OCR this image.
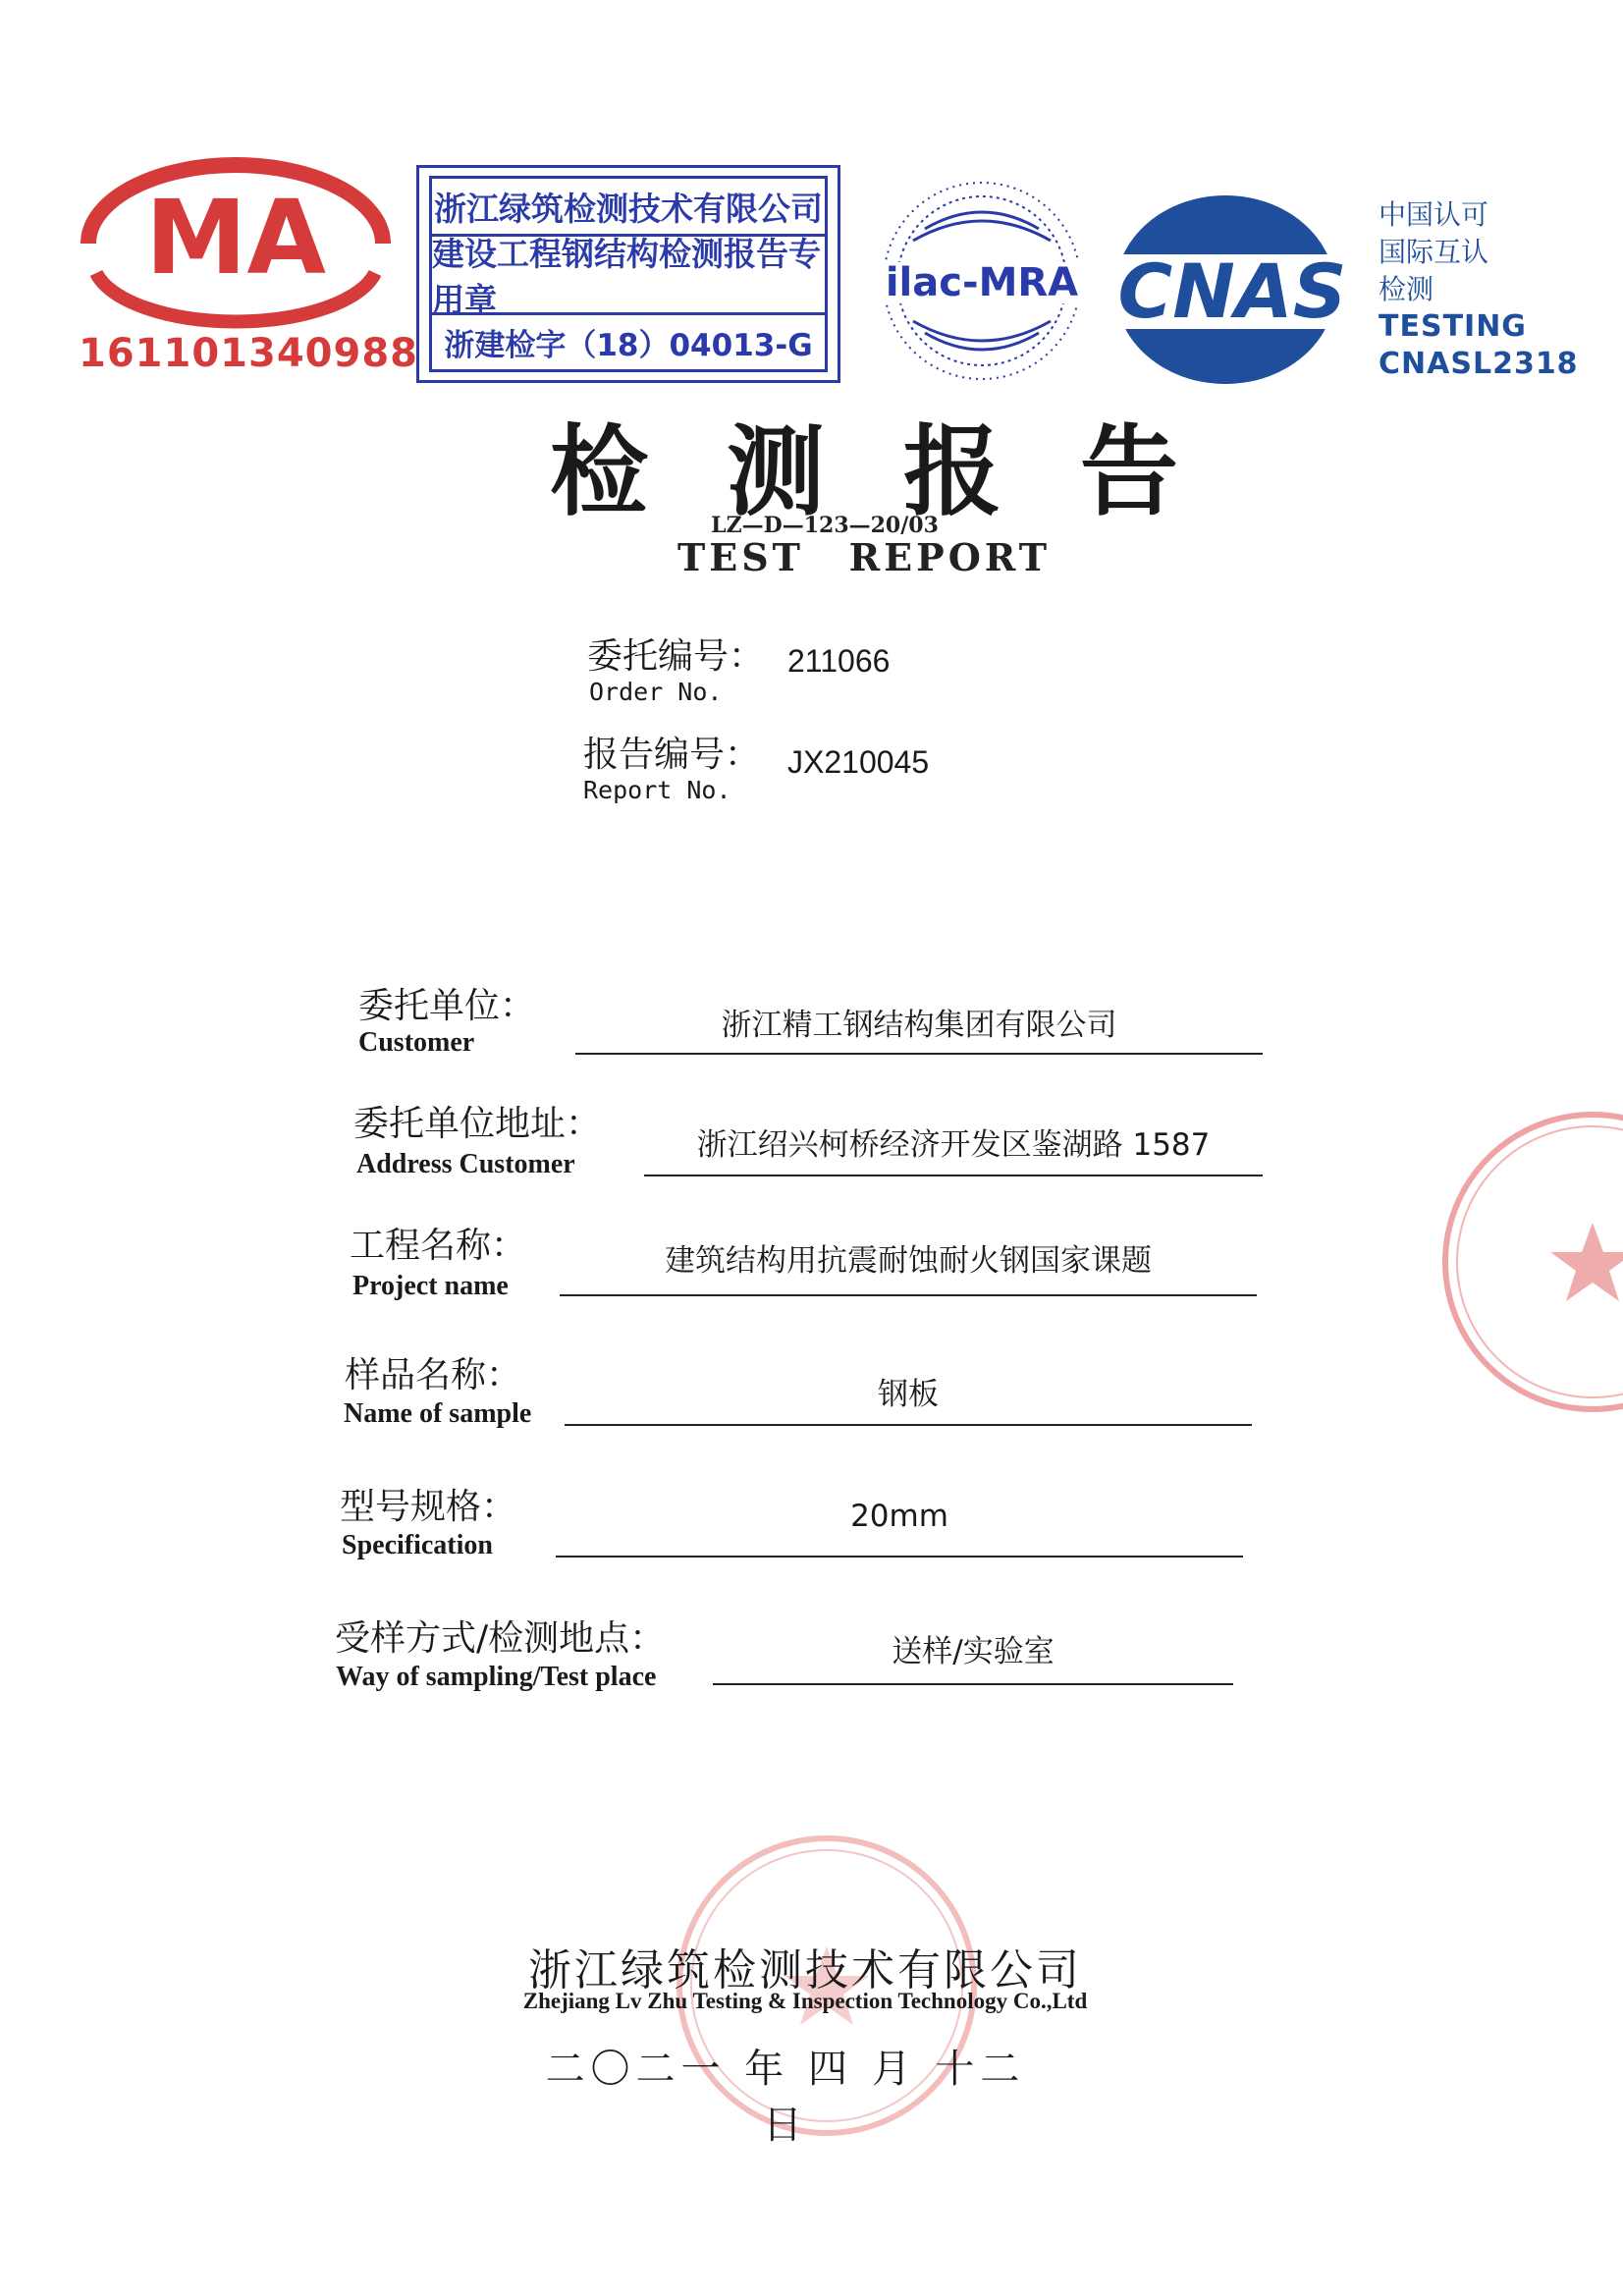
MA
161101340988
浙江绿筑检测技术有限公司
建设工程钢结构检测报告专用章
浙建检字（18）04013-G
ilac-MRA CNAS
中国认可
国际互认
检测
TESTING
CNASL2318
检 测 报 告
LZ—D—123—20/03
TEST REPORT
委托编号： 211066
Order No.
报告编号： JX210045
Report No.
委托单位：
Customer	浙江精工钢结构集团有限公司
委托单位地址：
Address Customer
浙江绍兴柯桥经济开发区鉴湖路 1587
工程名称：
Project name
建筑结构用抗震耐蚀耐火钢国家课题
样品名称：
Name of sample
钢板
型号规格：
Specification
20mm
受样方式/检测地点：
Way of sampling/Test place
送样/实验室
浙江绿筑检测技术有限公司
Zhejiang Lv Zhu Testing & Inspection Technology Co.,Ltd
二〇二一 年 四 月 十二 日
